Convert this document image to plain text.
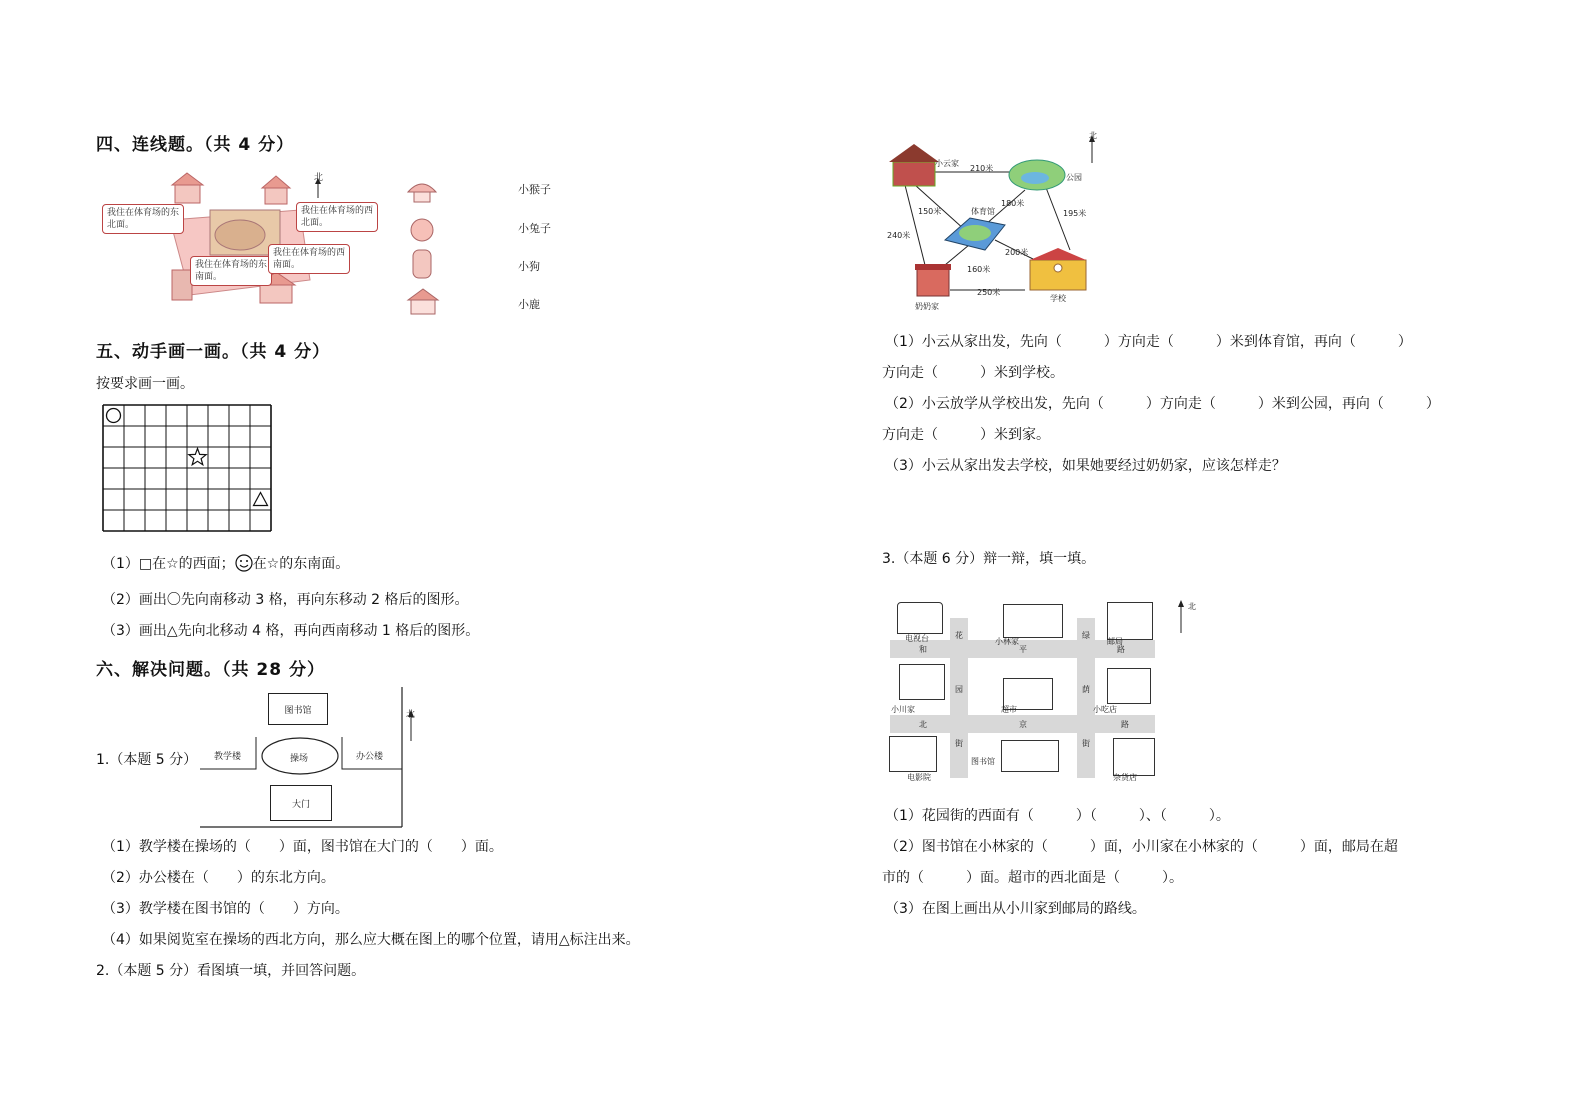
四、连线题。（共 4 分）
北
我住在体育场的东北面。
我住在体育场的西北面。
我住在体育场的东南面。
我住在体育场的西南面。
小猴子
小兔子
小狗
小鹿
五、动手画一画。（共 4 分）
按要求画一画。
（1）□在☆的西面； 在☆的东南面。
（2）画出〇先向南移动 3 格，再向东移动 2 格后的图形。
（3）画出△先向北移动 4 格，再向西南移动 1 格后的图形。
六、解决问题。（共 28 分）
1.（本题 5 分）
图书馆
教学楼	操场	办公楼
大门
北
（1）教学楼在操场的（　　）面，图书馆在大门的（　　）面。
（2）办公楼在（　　）的东北方向。
（3）教学楼在图书馆的（　　）方向。
（4）如果阅览室在操场的西北方向，那么应大概在图上的哪个位置，请用△标注出来。
2.（本题 5 分）看图填一填，并回答问题。
北
小云家
公园
体育馆
奶奶家
学校
210米
150米
180米
195米
240米
200米
160米
250米
（1）小云从家出发，先向（　　　）方向走（　　　）米到体育馆，再向（　　　）
方向走（　　　）米到学校。
（2）小云放学从学校出发，先向（　　　）方向走（　　　）米到公园，再向（　　　）
方向走（　　　）米到家。
（3）小云从家出发去学校，如果她要经过奶奶家，应该怎样走？
3.（本题 6 分）辩一辩，填一填。
电视台	小林家	邮局
小川家	超市	小吃店
电影院
图书馆
杂货店
和	平	路
北	京	路
花
园
街
绿
荫
街
北
（1）花园街的西面有（　　　）（　　　）、（　　　）。
（2）图书馆在小林家的（　　　）面，小川家在小林家的（　　　）面，邮局在超
市的（　　　）面。超市的西北面是（　　　）。
（3）在图上画出从小川家到邮局的路线。
